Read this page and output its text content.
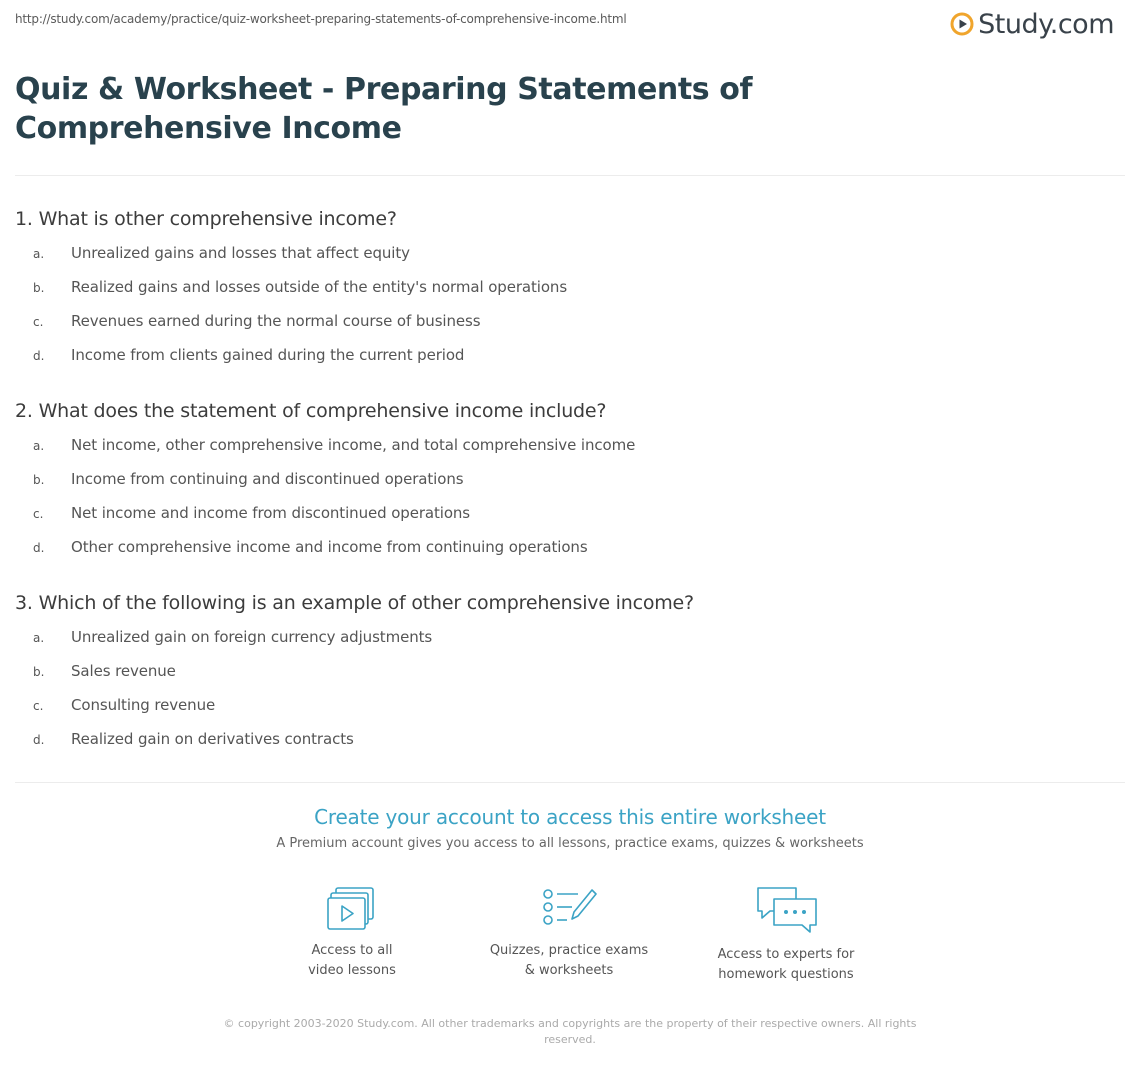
http://study.com/academy/practice/quiz-worksheet-preparing-statements-of-comprehensive-income.html	Study.com
Quiz & Worksheet - Preparing Statements of Comprehensive Income
1. What is other comprehensive income?
a. Unrealized gains and losses that affect equity
b. Realized gains and losses outside of the entity's normal operations
c. Revenues earned during the normal course of business
d. Income from clients gained during the current period
2. What does the statement of comprehensive income include?
a. Net income, other comprehensive income, and total comprehensive income
b. Income from continuing and discontinued operations
c. Net income and income from discontinued operations
d. Other comprehensive income and income from continuing operations
3. Which of the following is an example of other comprehensive income?
a. Unrealized gain on foreign currency adjustments
b. Sales revenue
c. Consulting revenue
d. Realized gain on derivatives contracts
Create your account to access this entire worksheet
A Premium account gives you access to all lessons, practice exams, quizzes & worksheets
Access to all
video lessons
Quizzes, practice exams
& worksheets
Access to experts for
homework questions
© copyright 2003-2020 Study.com. All other trademarks and copyrights are the property of their respective owners. All rights reserved.
